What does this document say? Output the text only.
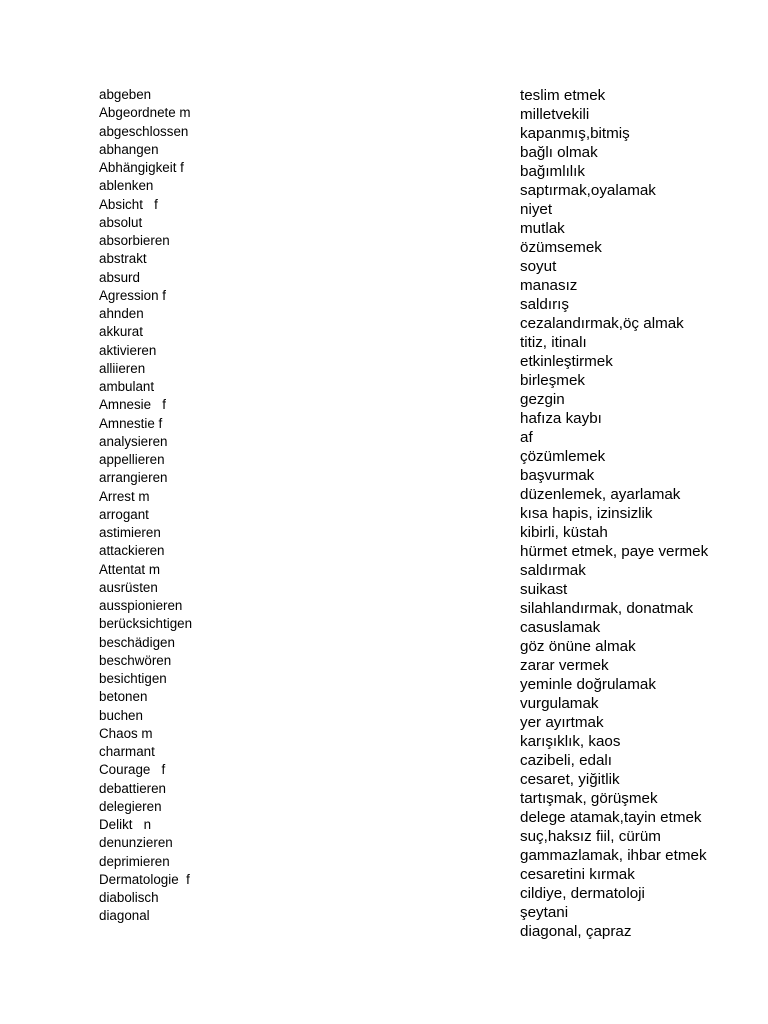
abgeben
Abgeordnete m
abgeschlossen
abhangen
Abhängigkeit f
ablenken
Absicht   f
absolut
absorbieren
abstrakt
absurd
Agression f
ahnden
akkurat
aktivieren
alliieren
ambulant
Amnesie   f
Amnestie f
analysieren
appellieren
arrangieren
Arrest m
arrogant
astimieren
attackieren
Attentat m
ausrüsten
ausspionieren
berücksichtigen
beschädigen
beschwören
besichtigen
betonen
buchen
Chaos m
charmant
Courage   f
debattieren
delegieren
Delikt   n
denunzieren
deprimieren
Dermatologie  f
diabolisch
diagonal
teslim etmek
milletvekili
kapanmış,bitmiş
bağlı olmak
bağımlılık
saptırmak,oyalamak
niyet
mutlak
özümsemek
soyut
manasız
saldırış
cezalandırmak,öç almak
titiz, itinalı
etkinleştirmek
birleşmek
gezgin
hafıza kaybı
af
çözümlemek
başvurmak
düzenlemek, ayarlamak
kısa hapis, izinsizlik
kibirli, küstah
hürmet etmek, paye vermek
saldırmak
suikast
silahlandırmak, donatmak
casuslamak
göz önüne almak
zarar vermek
yeminle doğrulamak
vurgulamak
yer ayırtmak
karışıklık, kaos
cazibeli, edalı
cesaret, yiğitlik
tartışmak, görüşmek
delege atamak,tayin etmek
suç,haksız fiil, cürüm
gammazlamak, ihbar etmek
cesaretini kırmak
cildiye, dermatoloji
şeytani
diagonal, çapraz
